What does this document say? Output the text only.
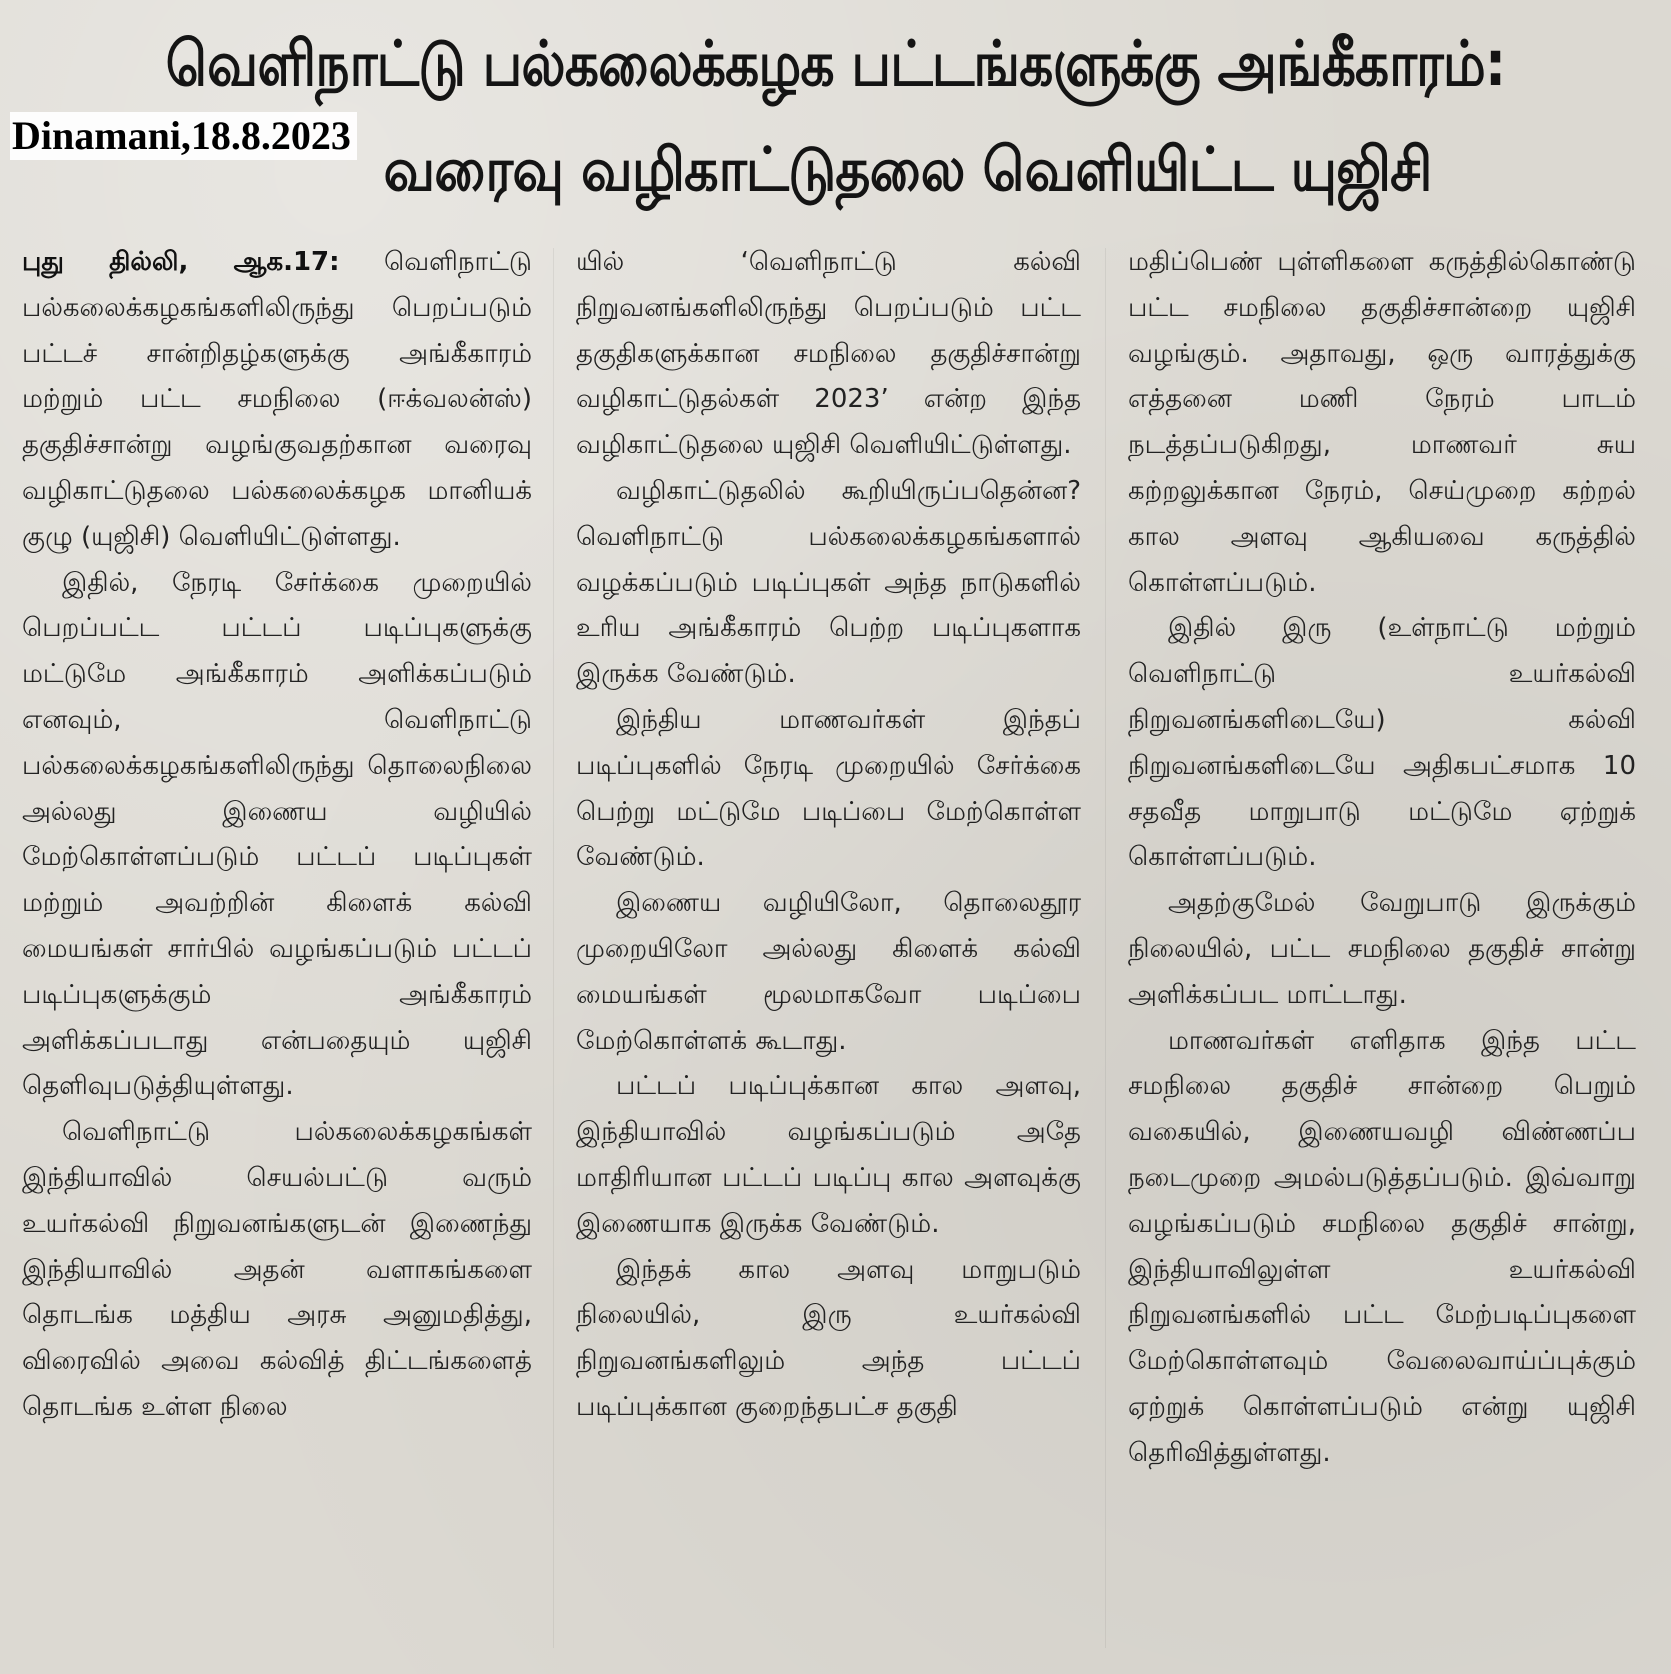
வெளிநாட்டு பல்கலைக்கழக பட்டங்களுக்கு அங்கீகாரம்:
வரைவு வழிகாட்டுதலை வெளியிட்ட யுஜிசி
Dinamani,18.8.2023

புது தில்லி, ஆக.17: வெளிநாட்டு பல்கலைக்கழகங்களிலிருந்து பெறப்படும் பட்டச் சான்றிதழ்களுக்கு அங்கீகாரம் மற்றும் பட்ட சமநிலை (ஈக்வலன்ஸ்) தகுதிச்சான்று வழங்குவதற்கான வரைவு வழிகாட்டுதலை பல்கலைக்கழக மானியக் குழு (யுஜிசி) வெளியிட்டுள்ளது.

இதில், நேரடி சேர்க்கை முறையில் பெறப்பட்ட பட்டப் படிப்புகளுக்கு மட்டுமே அங்கீகாரம் அளிக்கப்படும் எனவும், வெளிநாட்டு பல்கலைக்கழகங்களிலிருந்து தொலைநிலை அல்லது இணைய வழியில் மேற்கொள்ளப்படும் பட்டப் படிப்புகள் மற்றும் அவற்றின் கிளைக் கல்வி மையங்கள் சார்பில் வழங்கப்படும் பட்டப் படிப்புகளுக்கும் அங்கீகாரம் அளிக்கப்படாது என்பதையும் யுஜிசி தெளிவுபடுத்தியுள்ளது.

வெளிநாட்டு பல்கலைக்கழகங்கள் இந்தியாவில் செயல்பட்டு வரும் உயர்கல்வி நிறுவனங்களுடன் இணைந்து இந்தியாவில் அதன் வளாகங்களை தொடங்க மத்திய அரசு அனுமதித்து, விரைவில் அவை கல்வித் திட்டங்களைத் தொடங்க உள்ள நிலை

யில் ‘வெளிநாட்டு கல்வி நிறுவனங்களிலிருந்து பெறப்படும் பட்ட தகுதிகளுக்கான சமநிலை தகுதிச்சான்று வழிகாட்டுதல்கள் 2023’ என்ற இந்த வழிகாட்டுதலை யுஜிசி வெளியிட்டுள்ளது.

வழிகாட்டுதலில் கூறியிருப்பதென்ன? வெளிநாட்டு பல்கலைக்கழகங்களால் வழக்கப்படும் படிப்புகள் அந்த நாடுகளில் உரிய அங்கீகாரம் பெற்ற படிப்புகளாக இருக்க வேண்டும்.

இந்திய மாணவர்கள் இந்தப் படிப்புகளில் நேரடி முறையில் சேர்க்கை பெற்று மட்டுமே படிப்பை மேற்கொள்ள வேண்டும்.

இணைய வழியிலோ, தொலைதூர முறையிலோ அல்லது கிளைக் கல்வி மையங்கள் மூலமாகவோ படிப்பை மேற்கொள்ளக் கூடாது.

பட்டப் படிப்புக்கான கால அளவு, இந்தியாவில் வழங்கப்படும் அதே மாதிரியான பட்டப் படிப்பு கால அளவுக்கு இணையாக இருக்க வேண்டும்.

இந்தக் கால அளவு மாறுபடும் நிலையில், இரு உயர்கல்வி நிறுவனங்களிலும் அந்த பட்டப் படிப்புக்கான குறைந்தபட்ச தகுதி

மதிப்பெண் புள்ளிகளை கருத்தில்கொண்டு பட்ட சமநிலை தகுதிச்சான்றை யுஜிசி வழங்கும். அதாவது, ஒரு வாரத்துக்கு எத்தனை மணி நேரம் பாடம் நடத்தப்படுகிறது, மாணவர் சுய கற்றலுக்கான நேரம், செய்முறை கற்றல் கால அளவு ஆகியவை கருத்தில் கொள்ளப்படும்.

இதில் இரு (உள்நாட்டு மற்றும் வெளிநாட்டு உயர்கல்வி நிறுவனங்களிடையே) கல்வி நிறுவனங்களிடையே அதிகபட்சமாக 10 சதவீத மாறுபாடு மட்டுமே ஏற்றுக் கொள்ளப்படும்.

அதற்குமேல் வேறுபாடு இருக்கும் நிலையில், பட்ட சமநிலை தகுதிச் சான்று அளிக்கப்பட மாட்டாது.

மாணவர்கள் எளிதாக இந்த பட்ட சமநிலை தகுதிச் சான்றை பெறும் வகையில், இணையவழி விண்ணப்ப நடைமுறை அமல்படுத்தப்படும். இவ்வாறு வழங்கப்படும் சமநிலை தகுதிச் சான்று, இந்தியாவிலுள்ள உயர்கல்வி நிறுவனங்களில் பட்ட மேற்படிப்புகளை மேற்கொள்ளவும் வேலைவாய்ப்புக்கும் ஏற்றுக் கொள்ளப்படும் என்று யுஜிசி தெரிவித்துள்ளது.
